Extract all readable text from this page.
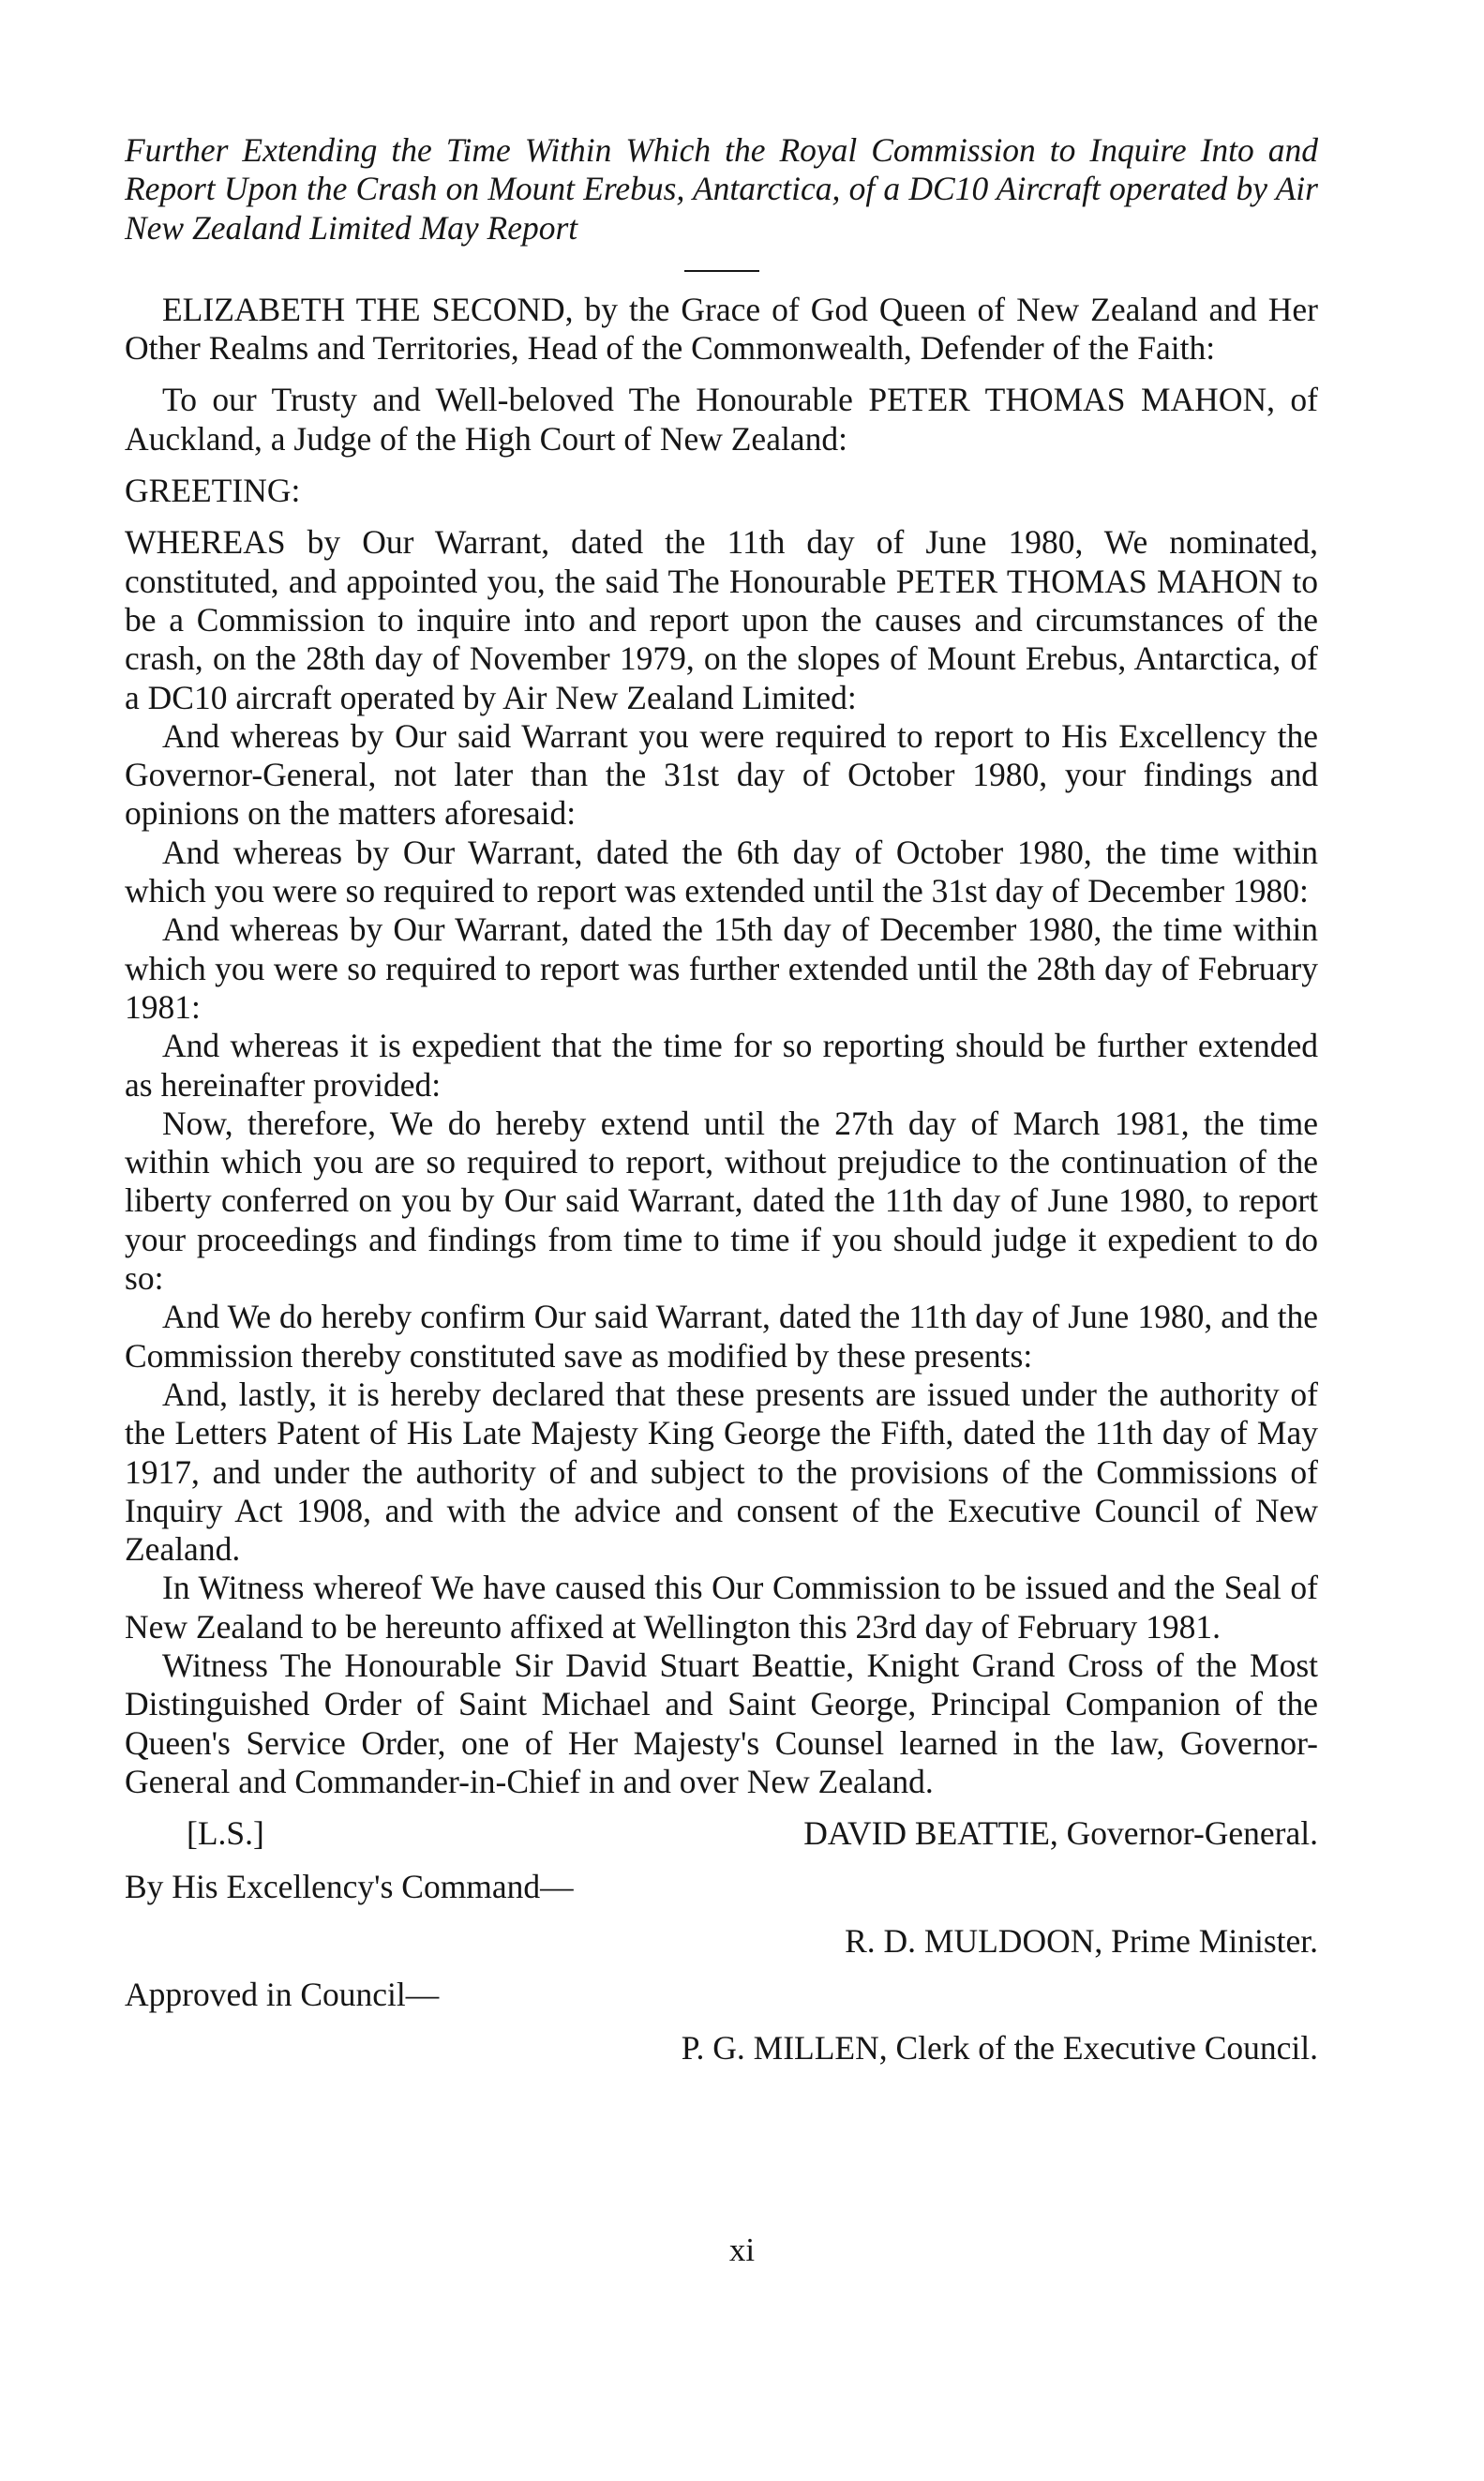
Further Extending the Time Within Which the Royal Commission to Inquire Into and Report Upon the Crash on Mount Erebus, Antarctica, of a DC10 Aircraft operated by Air New Zealand Limited May Report

ELIZABETH THE SECOND, by the Grace of God Queen of New Zealand and Her Other Realms and Territories, Head of the Commonwealth, Defender of the Faith:

To our Trusty and Well-beloved The Honourable PETER THOMAS MAHON, of Auckland, a Judge of the High Court of New Zealand:

GREETING:

WHEREAS by Our Warrant, dated the 11th day of June 1980, We nominated, constituted, and appointed you, the said The Honourable PETER THOMAS MAHON to be a Commission to inquire into and report upon the causes and circumstances of the crash, on the 28th day of November 1979, on the slopes of Mount Erebus, Antarctica, of a DC10 aircraft operated by Air New Zealand Limited:

And whereas by Our said Warrant you were required to report to His Excellency the Governor-General, not later than the 31st day of October 1980, your findings and opinions on the matters aforesaid:

And whereas by Our Warrant, dated the 6th day of October 1980, the time within which you were so required to report was extended until the 31st day of December 1980:

And whereas by Our Warrant, dated the 15th day of December 1980, the time within which you were so required to report was further extended until the 28th day of February 1981:

And whereas it is expedient that the time for so reporting should be further extended as hereinafter provided:

Now, therefore, We do hereby extend until the 27th day of March 1981, the time within which you are so required to report, without prejudice to the continuation of the liberty conferred on you by Our said Warrant, dated the 11th day of June 1980, to report your proceedings and findings from time to time if you should judge it expedient to do so:

And We do hereby confirm Our said Warrant, dated the 11th day of June 1980, and the Commission thereby constituted save as modified by these presents:

And, lastly, it is hereby declared that these presents are issued under the authority of the Letters Patent of His Late Majesty King George the Fifth, dated the 11th day of May 1917, and under the authority of and subject to the provisions of the Commissions of Inquiry Act 1908, and with the advice and consent of the Executive Council of New Zealand.

In Witness whereof We have caused this Our Commission to be issued and the Seal of New Zealand to be hereunto affixed at Wellington this 23rd day of February 1981.

Witness The Honourable Sir David Stuart Beattie, Knight Grand Cross of the Most Distinguished Order of Saint Michael and Saint George, Principal Companion of the Queen's Service Order, one of Her Majesty's Counsel learned in the law, Governor-General and Commander-in-Chief in and over New Zealand.

[L.S.]	DAVID BEATTIE, Governor-General.

By His Excellency's Command—

R. D. MULDOON, Prime Minister.

Approved in Council—

P. G. MILLEN, Clerk of the Executive Council.

xi
